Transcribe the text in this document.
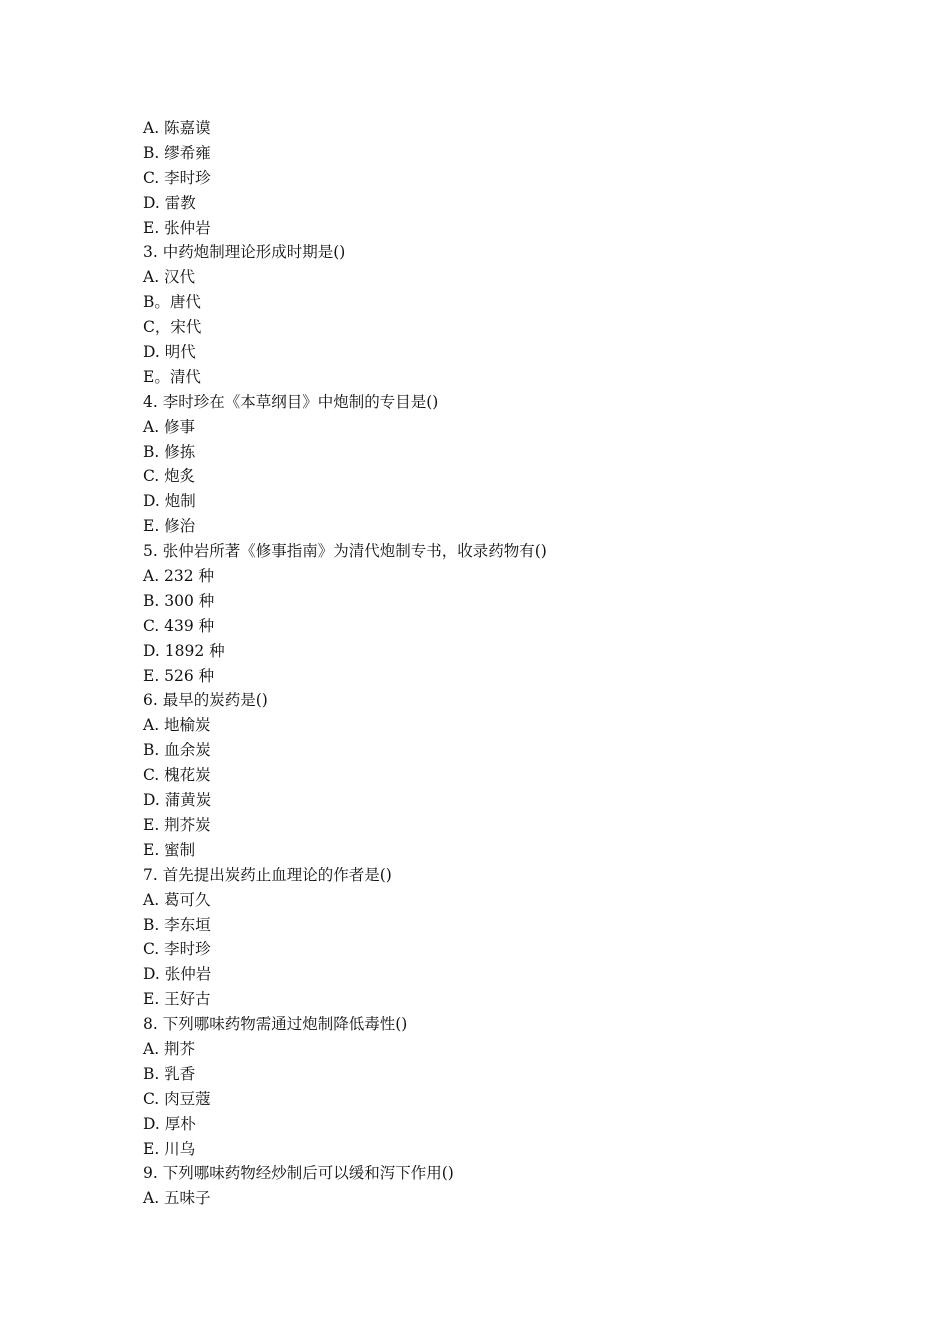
A. 陈嘉谟
B. 缪希雍
C. 李时珍
D. 雷教
E. 张仲岩
3. 中药炮制理论形成时期是()
A. 汉代
B。唐代
C，宋代
D. 明代
E。清代
4. 李时珍在《本草纲目》中炮制的专目是()
A. 修事
B. 修拣
C. 炮炙
D. 炮制
E. 修治
5. 张仲岩所著《修事指南》为清代炮制专书，收录药物有()
A. 232 种
B. 300 种
C. 439 种
D. 1892 种
E. 526 种
6. 最早的炭药是()
A. 地榆炭
B. 血余炭
C. 槐花炭
D. 蒲黄炭
E. 荆芥炭
E. 蜜制
7. 首先提出炭药止血理论的作者是()
A. 葛可久
B. 李东垣
C. 李时珍
D. 张仲岩
E. 王好古
8. 下列哪味药物需通过炮制降低毒性()
A. 荆芥
B. 乳香
C. 肉豆蔻
D. 厚朴
E. 川乌
9. 下列哪味药物经炒制后可以缓和泻下作用()
A. 五味子
